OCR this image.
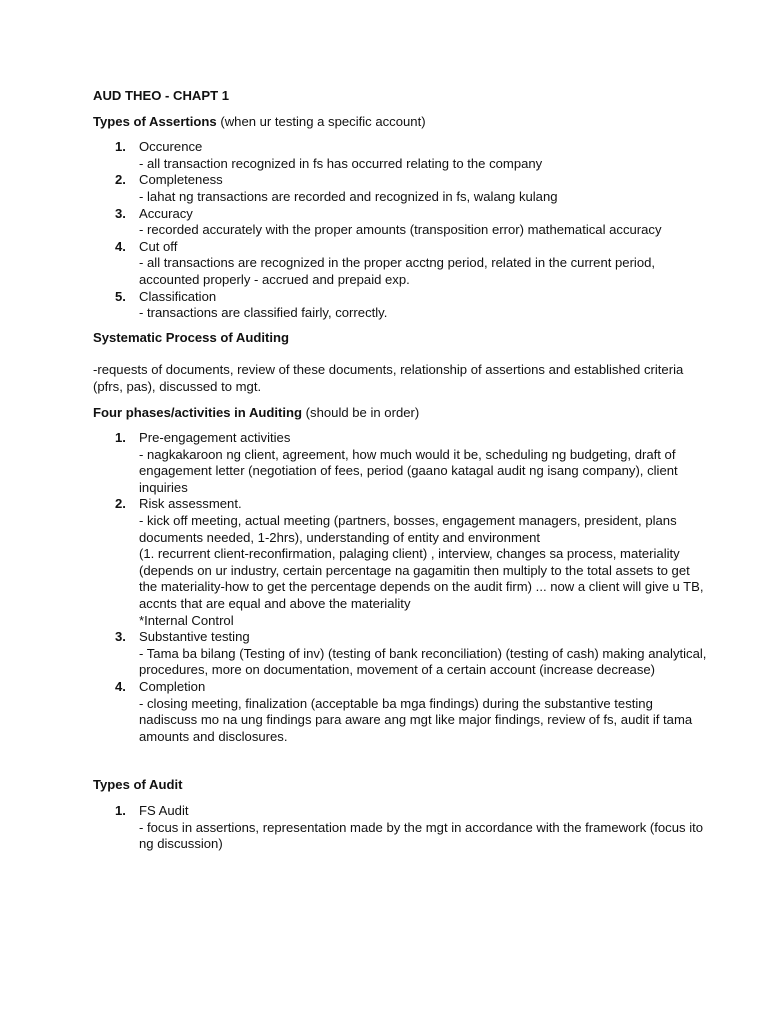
AUD THEO - CHAPT 1
Types of Assertions (when ur testing a specific account)
1. Occurence
- all transaction recognized in fs has occurred relating to the company
2. Completeness
- lahat ng transactions are recorded and recognized in fs, walang kulang
3. Accuracy
- recorded accurately with the proper amounts (transposition error) mathematical accuracy
4. Cut off
- all transactions are recognized in the proper acctng period, related in the current period, accounted properly - accrued and prepaid exp.
5. Classification
- transactions are classified fairly, correctly.
Systematic Process of Auditing
-requests of documents, review of these documents, relationship of assertions and established criteria (pfrs, pas), discussed to mgt.
Four phases/activities in Auditing (should be in order)
1. Pre-engagement activities
- nagkakaroon ng client, agreement, how much would it be, scheduling ng budgeting, draft of engagement letter (negotiation of fees, period (gaano katagal audit ng isang company), client inquiries
2. Risk assessment.
- kick off meeting, actual meeting (partners, bosses, engagement managers, president, plans documents needed, 1-2hrs), understanding of entity and environment
(1. recurrent client-reconfirmation, palaging client) , interview, changes sa process, materiality (depends on ur industry, certain percentage na gagamitin then multiply to the total assets to get the materiality-how to get the percentage depends on the audit firm) ... now a client will give u TB, accnts that are equal and above the materiality
*Internal Control
3. Substantive testing
- Tama ba bilang (Testing of inv) (testing of bank reconciliation) (testing of cash) making analytical, procedures, more on documentation, movement of a certain account (increase decrease)
4. Completion
- closing meeting, finalization (acceptable ba mga findings) during the substantive testing nadiscuss mo na ung findings para aware ang mgt like major findings, review of fs, audit if tama amounts and disclosures.
Types of Audit
1. FS Audit
- focus in assertions, representation made by the mgt in accordance with the framework (focus ito ng discussion)
